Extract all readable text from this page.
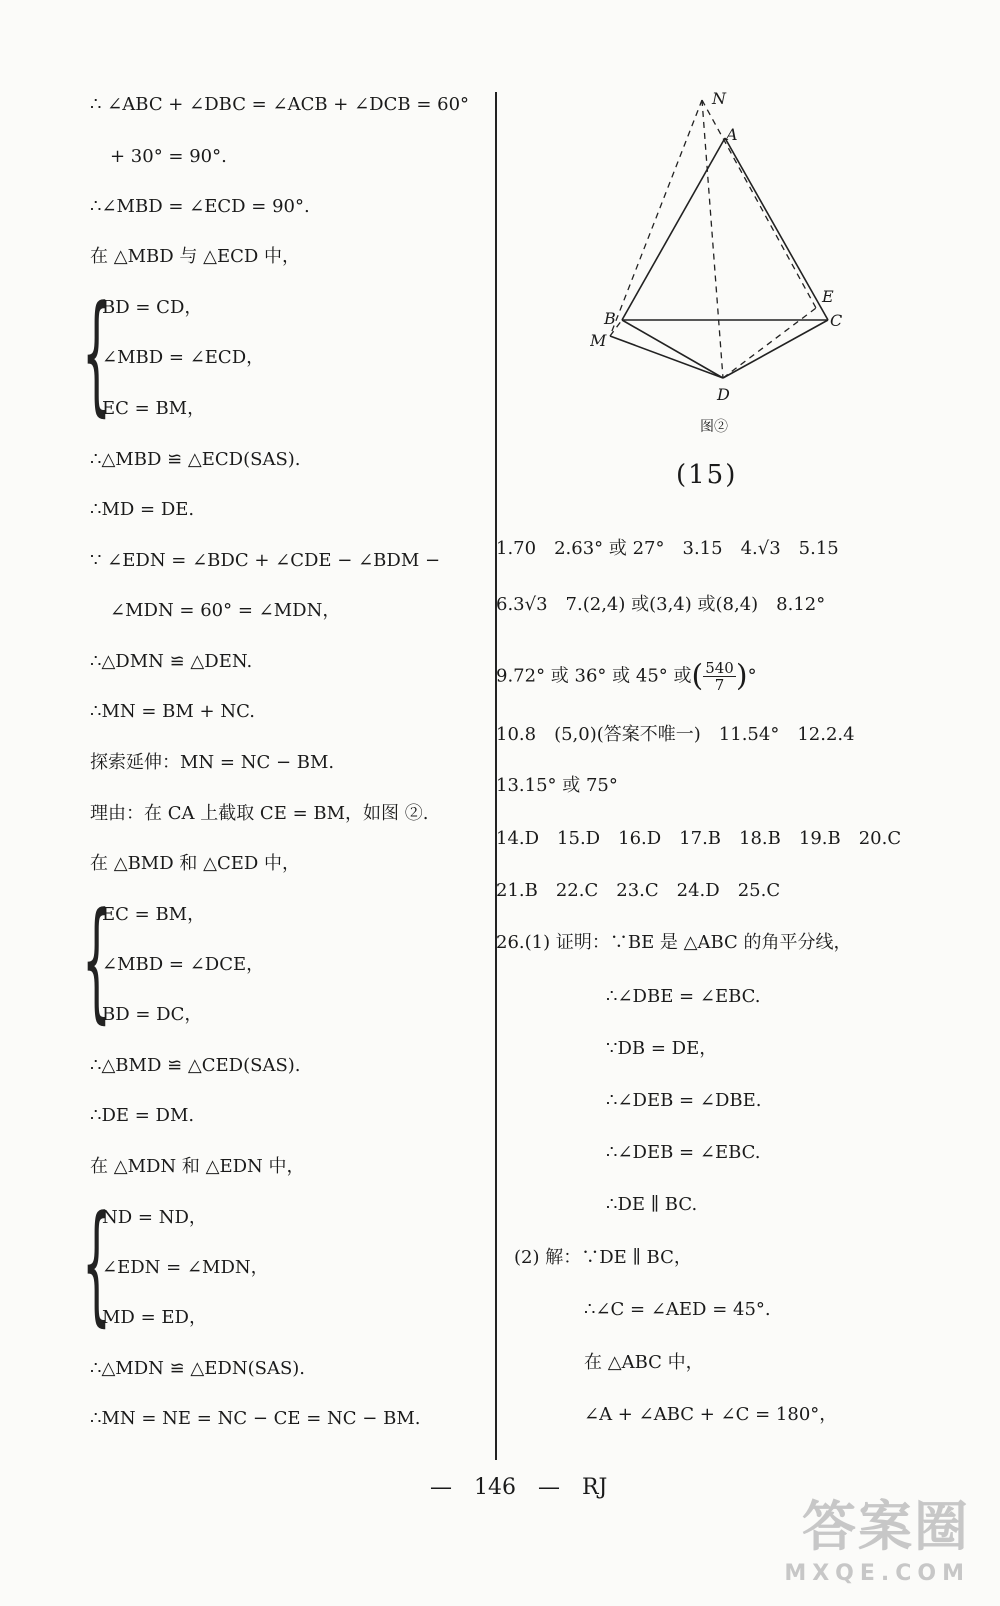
∴ ∠ABC + ∠DBC = ∠ACB + ∠DCB = 60°
+ 30° = 90°.
∴∠MBD = ∠ECD = 90°.
在 △MBD 与 △ECD 中，
{
BD = CD，
∠MBD = ∠ECD，
EC = BM，
∴△MBD ≌ △ECD(SAS).
∴MD = DE.
∵ ∠EDN = ∠BDC + ∠CDE − ∠BDM −
∠MDN = 60° = ∠MDN，
∴△DMN ≌ △DEN.
∴MN = BM + NC.
探索延伸：MN = NC − BM.
理由：在 CA 上截取 CE = BM，如图 ②.
在 △BMD 和 △CED 中，
{
EC = BM，
∠MBD = ∠DCE，
BD = DC，
∴△BMD ≌ △CED(SAS).
∴DE = DM.
在 △MDN 和 △EDN 中，
{
ND = ND，
∠EDN = ∠MDN，
MD = ED，
∴△MDN ≌ △EDN(SAS).
∴MN = NE = NC − CE = NC − BM.
N
A
E
B	C
M
D
图②
(15)
1.70　2.63° 或 27°　3.15　4.√3　5.15
6.3√3　7.(2,4) 或(3,4) 或(8,4)　8.12°
9.72° 或 36° 或 45° 或( $\frac{540}{7}$ )°
10.8　(5,0)(答案不唯一)　11.54°　12.2.4
13.15° 或 75°
14.D　15.D　16.D　17.B　18.B　19.B　20.C
21.B　22.C　23.C　24.D　25.C
26.(1) 证明：∵BE 是 △ABC 的角平分线，
∴∠DBE = ∠EBC.
∵DB = DE，
∴∠DEB = ∠DBE.
∴∠DEB = ∠EBC.
∴DE ∥ BC.
(2) 解：∵DE ∥ BC，
∴∠C = ∠AED = 45°.
在 △ABC 中，
∠A + ∠ABC + ∠C = 180°，
—　146　—　RJ
答案圈
MXQE.COM
